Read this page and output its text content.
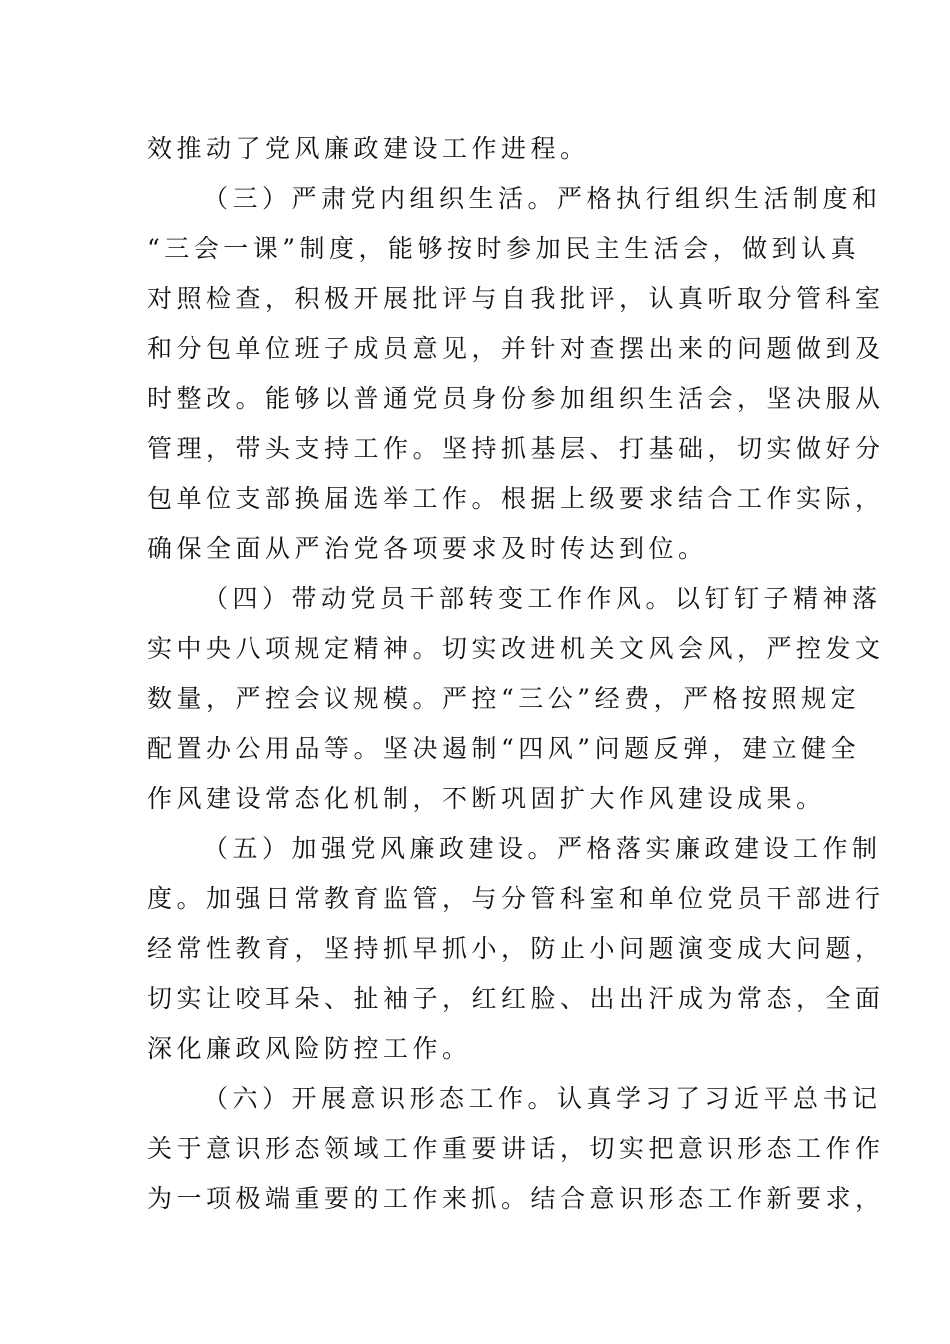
效推动了党风廉政建设工作进程。
（三）严肃党内组织生活。严格执行组织生活制度和
“三会一课”制度，能够按时参加民主生活会，做到认真
对照检查，积极开展批评与自我批评，认真听取分管科室
和分包单位班子成员意见，并针对查摆出来的问题做到及
时整改。能够以普通党员身份参加组织生活会，坚决服从
管理，带头支持工作。坚持抓基层、打基础，切实做好分
包单位支部换届选举工作。根据上级要求结合工作实际，
确保全面从严治党各项要求及时传达到位。
（四）带动党员干部转变工作作风。以钉钉子精神落
实中央八项规定精神。切实改进机关文风会风，严控发文
数量，严控会议规模。严控“三公”经费，严格按照规定
配置办公用品等。坚决遏制“四风”问题反弹，建立健全
作风建设常态化机制，不断巩固扩大作风建设成果。
（五）加强党风廉政建设。严格落实廉政建设工作制
度。加强日常教育监管，与分管科室和单位党员干部进行
经常性教育，坚持抓早抓小，防止小问题演变成大问题，
切实让咬耳朵、扯袖子，红红脸、出出汗成为常态，全面
深化廉政风险防控工作。
（六）开展意识形态工作。认真学习了习近平总书记
关于意识形态领域工作重要讲话，切实把意识形态工作作
为一项极端重要的工作来抓。结合意识形态工作新要求，
